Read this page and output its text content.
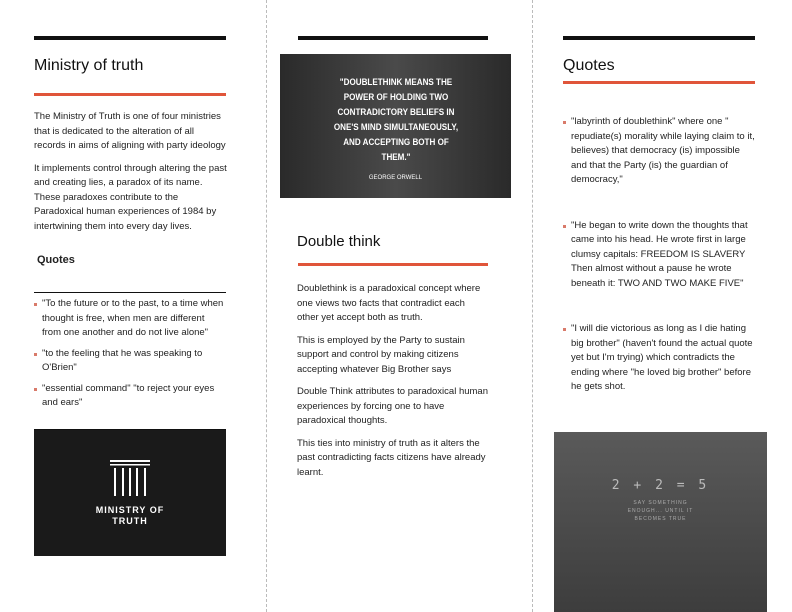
Ministry of truth

The Ministry of Truth is one of four ministries that is dedicated to the alteration of all records in aims of aligning with party ideology

It implements control through altering the past and creating lies, a paradox of its name. These paradoxes contribute to the Paradoxical human experiences of 1984 by intertwining them into every day lives.

Quotes
"To the future or to the past, to a time when thought is free, when men are different from one another and do not live alone"
"to the feeling that he was speaking to O'Brien"
"essential command" "to reject your eyes and ears"
MINISTRY OF TRUTH
"DOUBLETHINK MEANS THE POWER OF HOLDING TWO CONTRADICTORY BELIEFS IN ONE'S MIND SIMULTANEOUSLY, AND ACCEPTING BOTH OF THEM."
GEORGE ORWELL
Double think

Doublethink is a paradoxical concept where one views two facts that contradict each other yet accept both as truth.

This is employed by the Party to sustain support and control by making citizens accepting whatever Big Brother says

Double Think attributes to paradoxical human experiences by forcing one to have paradoxical thoughts.

This ties into ministry of truth as it alters the past contradicting facts citizens have already learnt.

Quotes
"labyrinth of doublethink" where one " repudiate(s) morality while laying claim to it, believes) that democracy (is) impossible and that the Party (is) the guardian of democracy,"
"He began to write down the thoughts that came into his head. He wrote first in large clumsy capitals: FREEDOM IS SLAVERY Then almost without a pause he wrote beneath it: TWO AND TWO MAKE FIVE"
"I will die victorious as long as I die hating big brother" (haven't found the actual quote yet but I'm trying) which contradicts the ending where "he loved big brother" before he gets shot.
2 + 2 = 5
SAY SOMETHING ENOUGH... UNTIL IT BECOMES TRUE
